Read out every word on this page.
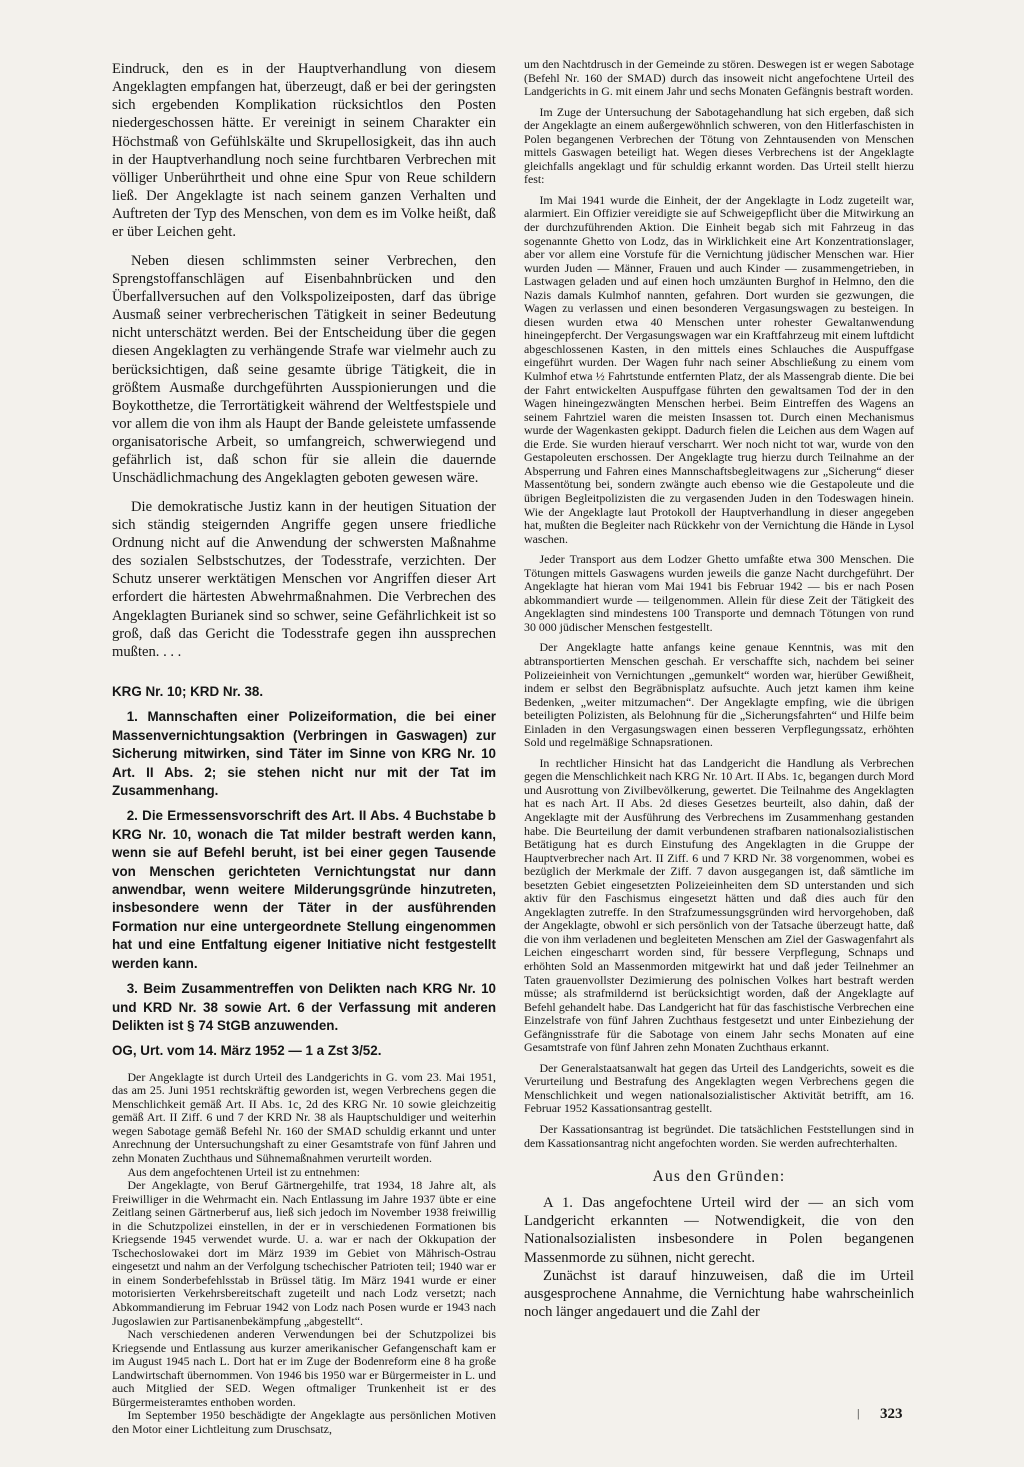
Eindruck, den es in der Hauptverhandlung von diesem Angeklagten empfangen hat, überzeugt, daß er bei der geringsten sich ergebenden Komplikation rücksichtlos den Posten niedergeschossen hätte. Er vereinigt in seinem Charakter ein Höchstmaß von Gefühlskälte und Skrupellosigkeit, das ihn auch in der Hauptverhandlung noch seine furchtbaren Verbrechen mit völliger Unberührtheit und ohne eine Spur von Reue schildern ließ. Der Angeklagte ist nach seinem ganzen Verhalten und Auftreten der Typ des Menschen, von dem es im Volke heißt, daß er über Leichen geht.

Neben diesen schlimmsten seiner Verbrechen, den Sprengstoffanschlägen auf Eisenbahnbrücken und den Überfallversuchen auf den Volkspolizeiposten, darf das übrige Ausmaß seiner verbrecherischen Tätigkeit in seiner Bedeutung nicht unterschätzt werden. Bei der Entscheidung über die gegen diesen Angeklagten zu verhängende Strafe war vielmehr auch zu berücksichtigen, daß seine gesamte übrige Tätigkeit, die in größtem Ausmaße durchgeführten Ausspionierungen und die Boykotthetze, die Terrortätigkeit während der Weltfestspiele und vor allem die von ihm als Haupt der Bande geleistete umfassende organisatorische Arbeit, so umfangreich, schwerwiegend und gefährlich ist, daß schon für sie allein die dauernde Unschädlichmachung des Angeklagten geboten gewesen wäre.

Die demokratische Justiz kann in der heutigen Situation der sich ständig steigernden Angriffe gegen unsere friedliche Ordnung nicht auf die Anwendung der schwersten Maßnahme des sozialen Selbstschutzes, der Todesstrafe, verzichten. Der Schutz unserer werktätigen Menschen vor Angriffen dieser Art erfordert die härtesten Abwehrmaßnahmen. Die Verbrechen des Angeklagten Burianek sind so schwer, seine Gefährlichkeit ist so groß, daß das Gericht die Todesstrafe gegen ihn aussprechen mußten. . . .

KRG Nr. 10; KRD Nr. 38.

1. Mannschaften einer Polizeiformation, die bei einer Massenvernichtungsaktion (Verbringen in Gaswagen) zur Sicherung mitwirken, sind Täter im Sinne von KRG Nr. 10 Art. II Abs. 2; sie stehen nicht nur mit der Tat im Zusammenhang.

2. Die Ermessensvorschrift des Art. II Abs. 4 Buchstabe b KRG Nr. 10, wonach die Tat milder bestraft werden kann, wenn sie auf Befehl beruht, ist bei einer gegen Tausende von Menschen gerichteten Vernichtungstat nur dann anwendbar, wenn weitere Milderungsgründe hinzutreten, insbesondere wenn der Täter in der ausführenden Formation nur eine untergeordnete Stellung eingenommen hat und eine Entfaltung eigener Initiative nicht festgestellt werden kann.

3. Beim Zusammentreffen von Delikten nach KRG Nr. 10 und KRD Nr. 38 sowie Art. 6 der Verfassung mit anderen Delikten ist § 74 StGB anzuwenden.

OG, Urt. vom 14. März 1952 — 1 a Zst 3/52.

Der Angeklagte ist durch Urteil des Landgerichts in G. vom 23. Mai 1951, das am 25. Juni 1951 rechtskräftig geworden ist, wegen Verbrechens gegen die Menschlichkeit gemäß Art. II Abs. 1c, 2d des KRG Nr. 10 sowie gleichzeitig gemäß Art. II Ziff. 6 und 7 der KRD Nr. 38 als Hauptschuldiger und weiterhin wegen Sabotage gemäß Befehl Nr. 160 der SMAD schuldig erkannt und unter Anrechnung der Untersuchungshaft zu einer Gesamtstrafe von fünf Jahren und zehn Monaten Zuchthaus und Sühnemaßnahmen verurteilt worden.

Aus dem angefochtenen Urteil ist zu entnehmen:

Der Angeklagte, von Beruf Gärtnergehilfe, trat 1934, 18 Jahre alt, als Freiwilliger in die Wehrmacht ein. Nach Entlassung im Jahre 1937 übte er eine Zeitlang seinen Gärtnerberuf aus, ließ sich jedoch im November 1938 freiwillig in die Schutzpolizei einstellen, in der er in verschiedenen Formationen bis Kriegsende 1945 verwendet wurde. U. a. war er nach der Okkupation der Tschechoslowakei dort im März 1939 im Gebiet von Mährisch-Ostrau eingesetzt und nahm an der Verfolgung tschechischer Patrioten teil; 1940 war er in einem Sonderbefehlsstab in Brüssel tätig. Im März 1941 wurde er einer motorisierten Verkehrsbereitschaft zugeteilt und nach Lodz versetzt; nach Abkommandierung im Februar 1942 von Lodz nach Posen wurde er 1943 nach Jugoslawien zur Partisanenbekämpfung „abgestellt“.

Nach verschiedenen anderen Verwendungen bei der Schutzpolizei bis Kriegsende und Entlassung aus kurzer amerikanischer Gefangenschaft kam er im August 1945 nach L. Dort hat er im Zuge der Bodenreform eine 8 ha große Landwirtschaft übernommen. Von 1946 bis 1950 war er Bürgermeister in L. und auch Mitglied der SED. Wegen oftmaliger Trunkenheit ist er des Bürgermeisteramtes enthoben worden.

Im September 1950 beschädigte der Angeklagte aus persönlichen Motiven den Motor einer Lichtleitung zum Druschsatz,

um den Nachtdrusch in der Gemeinde zu stören. Deswegen ist er wegen Sabotage (Befehl Nr. 160 der SMAD) durch das insoweit nicht angefochtene Urteil des Landgerichts in G. mit einem Jahr und sechs Monaten Gefängnis bestraft worden.

Im Zuge der Untersuchung der Sabotagehandlung hat sich ergeben, daß sich der Angeklagte an einem außergewöhnlich schweren, von den Hitlerfaschisten in Polen begangenen Verbrechen der Tötung von Zehntausenden von Menschen mittels Gaswagen beteiligt hat. Wegen dieses Verbrechens ist der Angeklagte gleichfalls angeklagt und für schuldig erkannt worden. Das Urteil stellt hierzu fest:

Im Mai 1941 wurde die Einheit, der der Angeklagte in Lodz zugeteilt war, alarmiert. Ein Offizier vereidigte sie auf Schweigepflicht über die Mitwirkung an der durchzuführenden Aktion. Die Einheit begab sich mit Fahrzeug in das sogenannte Ghetto von Lodz, das in Wirklichkeit eine Art Konzentrationslager, aber vor allem eine Vorstufe für die Vernichtung jüdischer Menschen war. Hier wurden Juden — Männer, Frauen und auch Kinder — zusammengetrieben, in Lastwagen geladen und auf einen hoch umzäunten Burghof in Helmno, den die Nazis damals Kulmhof nannten, gefahren. Dort wurden sie gezwungen, die Wagen zu verlassen und einen besonderen Vergasungswagen zu besteigen. In diesen wurden etwa 40 Menschen unter rohester Gewaltanwendung hineingepfercht. Der Vergasungswagen war ein Kraftfahrzeug mit einem luftdicht abgeschlossenen Kasten, in den mittels eines Schlauches die Auspuffgase eingeführt wurden. Der Wagen fuhr nach seiner Abschließung zu einem vom Kulmhof etwa ½ Fahrtstunde entfernten Platz, der als Massengrab diente. Die bei der Fahrt entwickelten Auspuffgase führten den gewaltsamen Tod der in den Wagen hineingezwängten Menschen herbei. Beim Eintreffen des Wagens an seinem Fahrtziel waren die meisten Insassen tot. Durch einen Mechanismus wurde der Wagenkasten gekippt. Dadurch fielen die Leichen aus dem Wagen auf die Erde. Sie wurden hierauf verscharrt. Wer noch nicht tot war, wurde von den Gestapoleuten erschossen. Der Angeklagte trug hierzu durch Teilnahme an der Absperrung und Fahren eines Mannschaftsbegleitwagens zur „Sicherung“ dieser Massentötung bei, sondern zwängte auch ebenso wie die Gestapoleute und die übrigen Begleitpolizisten die zu vergasenden Juden in den Todeswagen hinein. Wie der Angeklagte laut Protokoll der Hauptverhandlung in dieser angegeben hat, mußten die Begleiter nach Rückkehr von der Vernichtung die Hände in Lysol waschen.

Jeder Transport aus dem Lodzer Ghetto umfaßte etwa 300 Menschen. Die Tötungen mittels Gaswagens wurden jeweils die ganze Nacht durchgeführt. Der Angeklagte hat hieran vom Mai 1941 bis Februar 1942 — bis er nach Posen abkommandiert wurde — teilgenommen. Allein für diese Zeit der Tätigkeit des Angeklagten sind mindestens 100 Transporte und demnach Tötungen von rund 30 000 jüdischer Menschen festgestellt.

Der Angeklagte hatte anfangs keine genaue Kenntnis, was mit den abtransportierten Menschen geschah. Er verschaffte sich, nachdem bei seiner Polizeieinheit von Vernichtungen „gemunkelt“ worden war, hierüber Gewißheit, indem er selbst den Begräbnisplatz aufsuchte. Auch jetzt kamen ihm keine Bedenken, „weiter mitzumachen“. Der Angeklagte empfing, wie die übrigen beteiligten Polizisten, als Belohnung für die „Sicherungsfahrten“ und Hilfe beim Einladen in den Vergasungswagen einen besseren Verpflegungssatz, erhöhten Sold und regelmäßige Schnapsrationen.

In rechtlicher Hinsicht hat das Landgericht die Handlung als Verbrechen gegen die Menschlichkeit nach KRG Nr. 10 Art. II Abs. 1c, begangen durch Mord und Ausrottung von Zivilbevölkerung, gewertet. Die Teilnahme des Angeklagten hat es nach Art. II Abs. 2d dieses Gesetzes beurteilt, also dahin, daß der Angeklagte mit der Ausführung des Verbrechens im Zusammenhang gestanden habe. Die Beurteilung der damit verbundenen strafbaren nationalsozialistischen Betätigung hat es durch Einstufung des Angeklagten in die Gruppe der Hauptverbrecher nach Art. II Ziff. 6 und 7 KRD Nr. 38 vorgenommen, wobei es bezüglich der Merkmale der Ziff. 7 davon ausgegangen ist, daß sämtliche im besetzten Gebiet eingesetzten Polizeieinheiten dem SD unterstanden und sich aktiv für den Faschismus eingesetzt hätten und daß dies auch für den Angeklagten zutreffe. In den Strafzumessungsgründen wird hervorgehoben, daß der Angeklagte, obwohl er sich persönlich von der Tatsache überzeugt hatte, daß die von ihm verladenen und begleiteten Menschen am Ziel der Gaswagenfahrt als Leichen eingescharrt worden sind, für bessere Verpflegung, Schnaps und erhöhten Sold an Massenmorden mitgewirkt hat und daß jeder Teilnehmer an Taten grauenvollster Dezimierung des polnischen Volkes hart bestraft werden müsse; als strafmildernd ist berücksichtigt worden, daß der Angeklagte auf Befehl gehandelt habe. Das Landgericht hat für das faschistische Verbrechen eine Einzelstrafe von fünf Jahren Zuchthaus festgesetzt und unter Einbeziehung der Gefängnisstrafe für die Sabotage von einem Jahr sechs Monaten auf eine Gesamtstrafe von fünf Jahren zehn Monaten Zuchthaus erkannt.

Der Generalstaatsanwalt hat gegen das Urteil des Landgerichts, soweit es die Verurteilung und Bestrafung des Angeklagten wegen Verbrechens gegen die Menschlichkeit und wegen nationalsozialistischer Aktivität betrifft, am 16. Februar 1952 Kassationsantrag gestellt.

Der Kassationsantrag ist begründet. Die tatsächlichen Feststellungen sind in dem Kassationsantrag nicht angefochten worden. Sie werden aufrechterhalten.

Aus den Gründen:

A 1. Das angefochtene Urteil wird der — an sich vom Landgericht erkannten — Notwendigkeit, die von den Nationalsozialisten insbesondere in Polen begangenen Massenmorde zu sühnen, nicht gerecht.

Zunächst ist darauf hinzuweisen, daß die im Urteil ausgesprochene Annahme, die Vernichtung habe wahrscheinlich noch länger angedauert und die Zahl der

| 323
